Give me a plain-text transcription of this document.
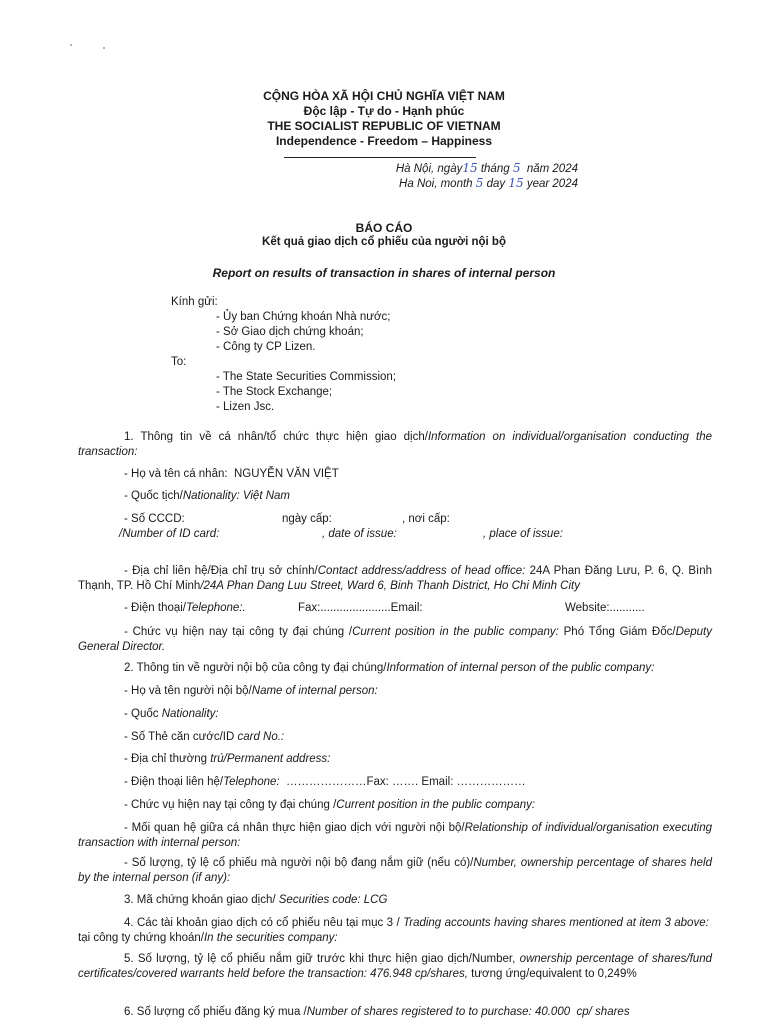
CỘNG HÒA XÃ HỘI CHỦ NGHĨA VIỆT NAM
Độc lập - Tự do - Hạnh phúc
THE SOCIALIST REPUBLIC OF VIETNAM
Independence - Freedom – Happiness
Hà Nội, ngày15 tháng 5 năm 2024
Ha Noi, month 5 day 15 year 2024
BÁO CÁO
Kết quả giao dịch cổ phiếu của người nội bộ
Report on results of transaction in shares of internal person
Kính gửi:
- Ủy ban Chứng khoán Nhà nước;
- Sở Giao dịch chứng khoán;
- Công ty CP Lizen.
To:
- The State Securities Commission;
- The Stock Exchange;
- Lizen Jsc.
1. Thông tin về cá nhân/tổ chức thực hiện giao dịch/Information on individual/organisation conducting the transaction:
- Họ và tên cá nhân: NGUYỄN VĂN VIỆT
- Quốc tịch/Nationality: Việt Nam
- Số CCCD:	ngày cấp:	, nơi cấp:
/Number of ID card:	, date of issue:	, place of issue:
- Địa chỉ liên hệ/Địa chỉ trụ sở chính/Contact address/address of head office: 24A Phan Đăng Lưu, P. 6, Q. Bình Thạnh, TP. Hồ Chí Minh/24A Phan Dang Luu Street, Ward 6, Binh Thanh District, Ho Chi Minh City
- Điện thoại/Telephone:.	Fax:......................Email:	Website:...........
- Chức vụ hiện nay tại công ty đại chúng /Current position in the public company: Phó Tổng Giám Đốc/Deputy General Director.
2. Thông tin về người nội bộ của công ty đại chúng/Information of internal person of the public company:
- Họ và tên người nội bộ/Name of internal person:
- Quốc Nationality:
- Số Thẻ căn cước/ID card No.:
- Địa chỉ thường trú/Permanent address:
- Điện thoại liên hệ/Telephone: …………………Fax: ……. Email: ………………
- Chức vụ hiện nay tại công ty đại chúng /Current position in the public company:
- Mối quan hệ giữa cá nhân thực hiện giao dịch với người nội bộ/Relationship of individual/organisation executing transaction with internal person:
- Số lượng, tỷ lệ cổ phiếu mà người nội bộ đang nắm giữ (nếu có)/Number, ownership percentage of shares held by the internal person (if any):
3. Mã chứng khoán giao dịch/ Securities code: LCG
4. Các tài khoản giao dịch có cổ phiếu nêu tại mục 3 / Trading accounts having shares mentioned at item 3 above:  tại công ty chứng khoán/In the securities company:
5. Số lượng, tỷ lệ cổ phiếu nắm giữ trước khi thực hiện giao dịch/Number, ownership percentage of shares/fund certificates/covered warrants held before the transaction: 476.948 cp/shares, tương ứng/equivalent to 0,249%
6. Số lượng cổ phiếu đăng ký mua /Number of shares registered to to purchase: 40.000 cp/ shares
